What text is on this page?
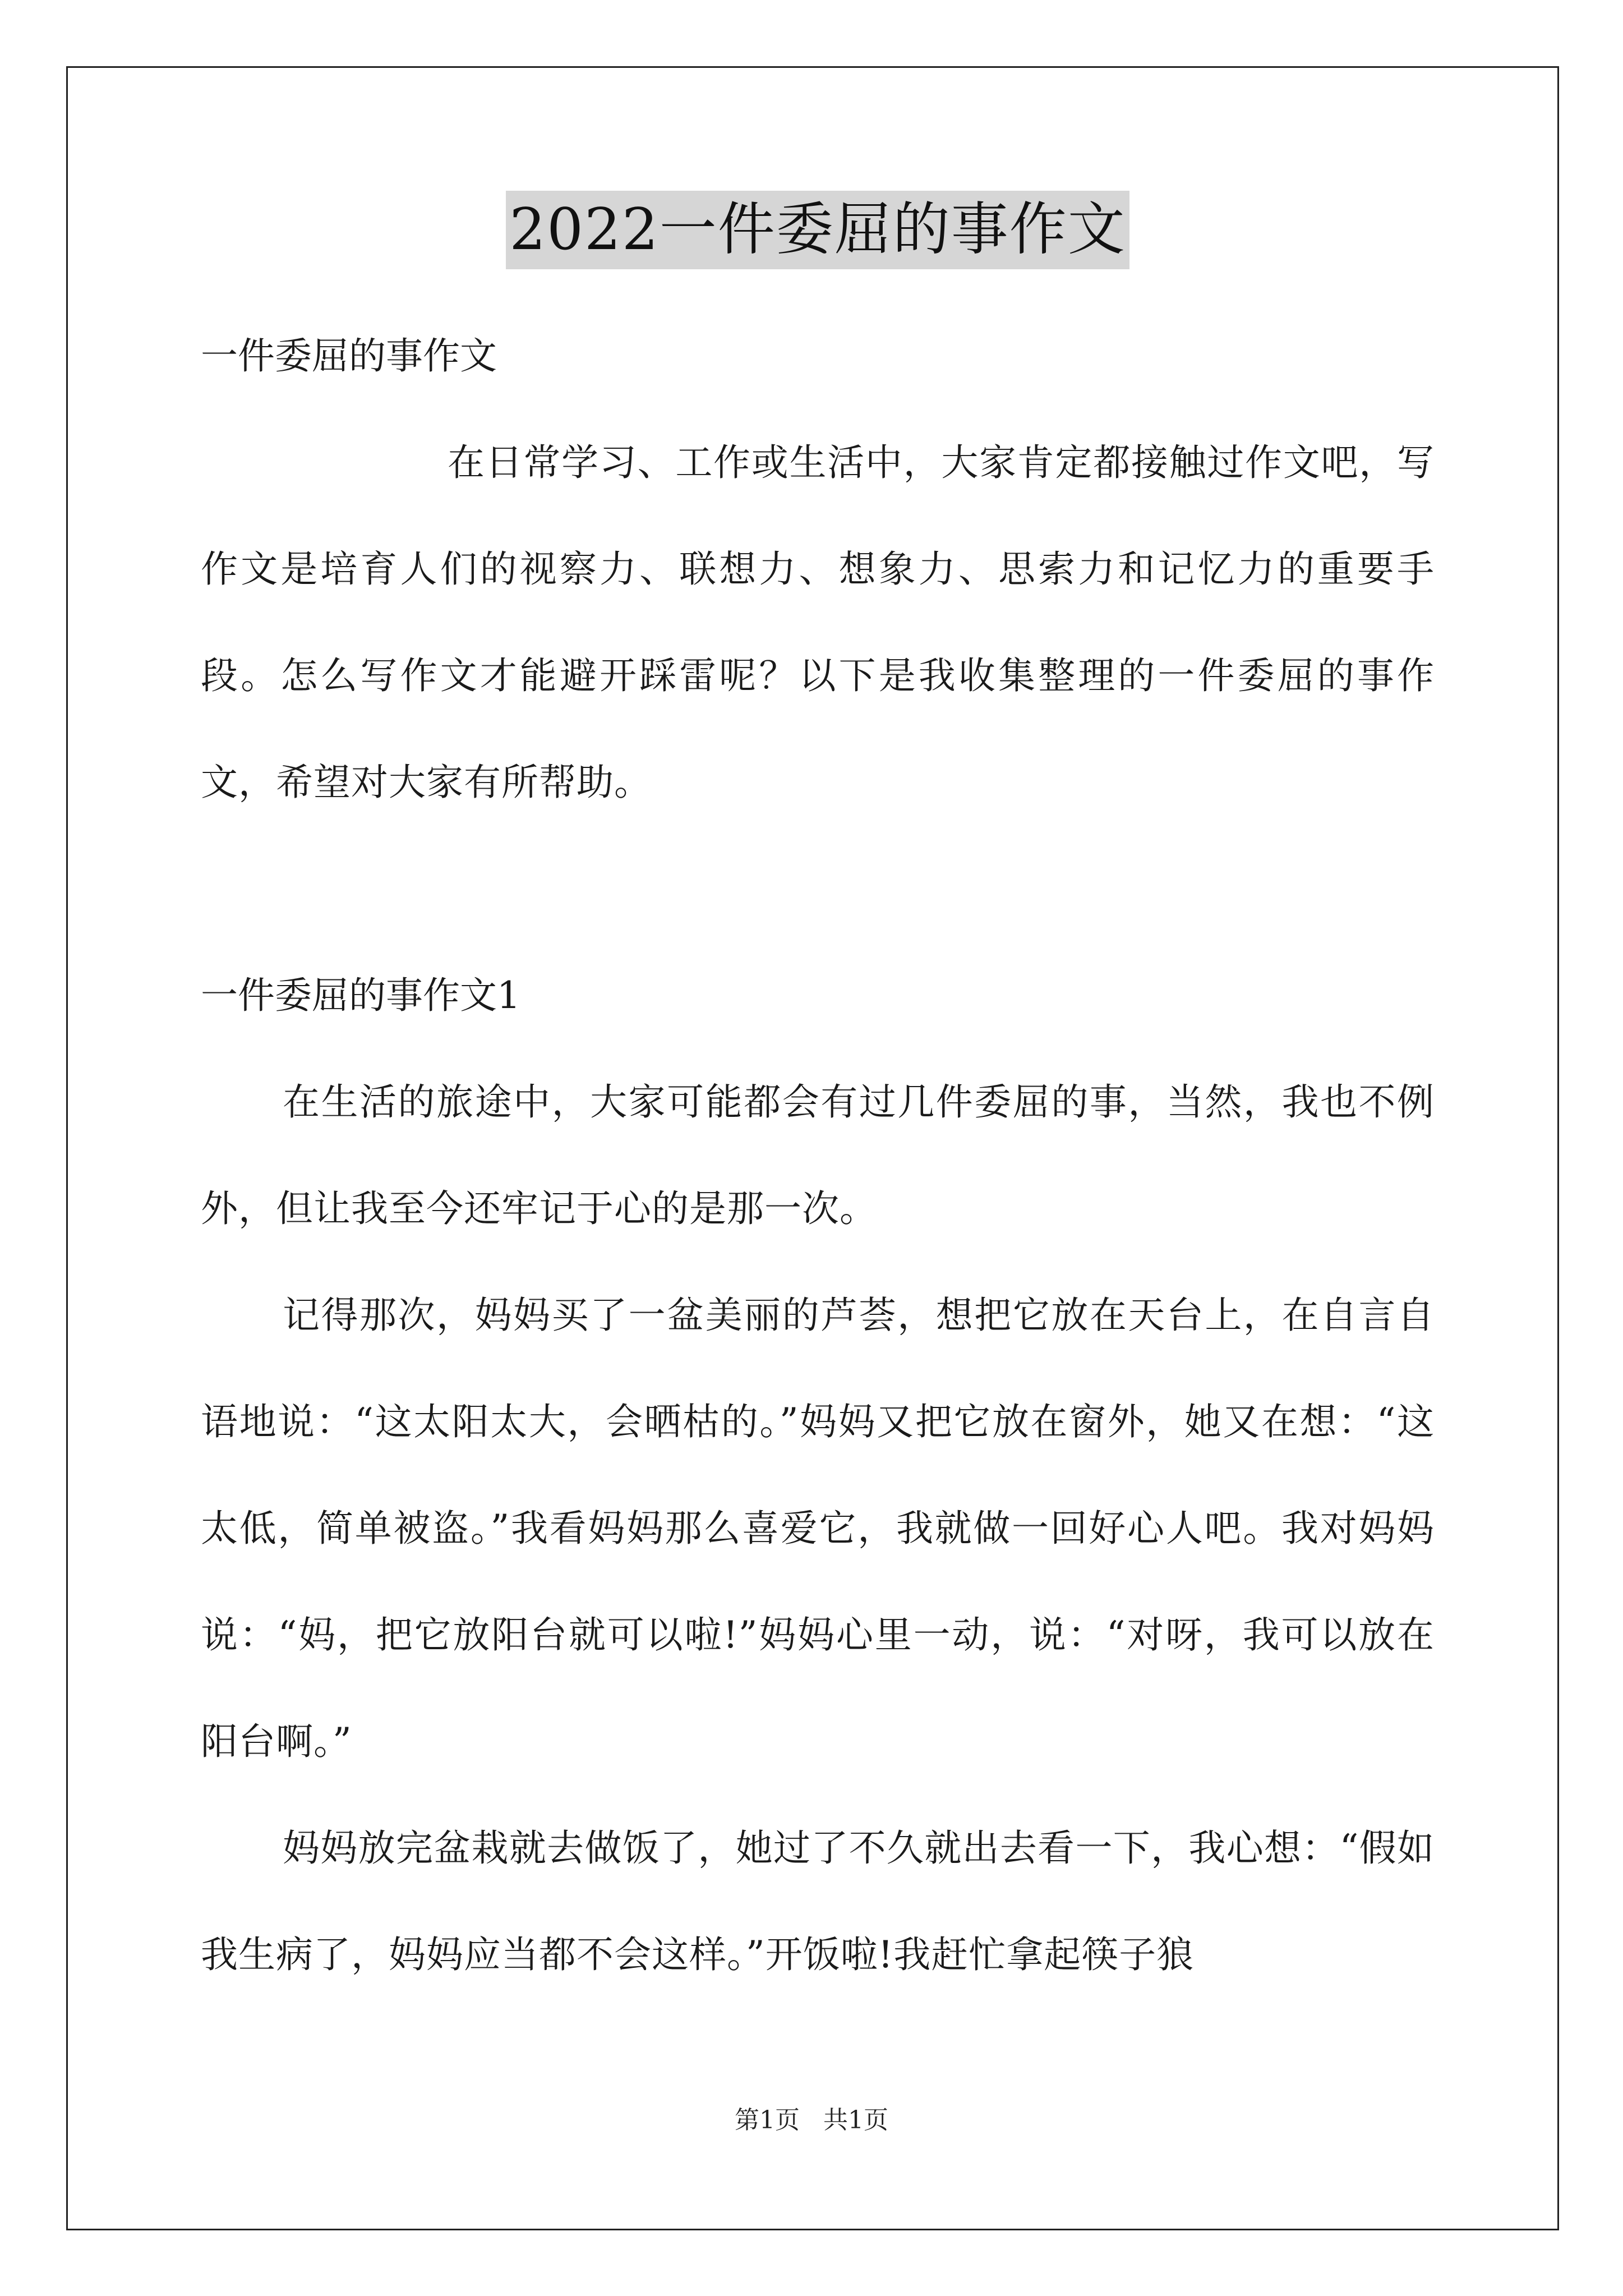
2022一件委屈的事作文

一件委屈的事作文

在日常学习、工作或生活中，大家肯定都接触过作文吧，写作文是培育人们的视察力、联想力、想象力、思索力和记忆力的重要手段。怎么写作文才能避开踩雷呢？以下是我收集整理的一件委屈的事作文，希望对大家有所帮助。

一件委屈的事作文1

在生活的旅途中，大家可能都会有过几件委屈的事，当然，我也不例外，但让我至今还牢记于心的是那一次。

记得那次，妈妈买了一盆美丽的芦荟，想把它放在天台上，在自言自语地说：“这太阳太大，会晒枯的。”妈妈又把它放在窗外，她又在想：“这太低，简单被盗。”我看妈妈那么喜爱它，我就做一回好心人吧。我对妈妈说：“妈，把它放阳台就可以啦!”妈妈心里一动，说：“对呀，我可以放在阳台啊。”

妈妈放完盆栽就去做饭了，她过了不久就出去看一下，我心想：“假如我生病了，妈妈应当都不会这样。”开饭啦!我赶忙拿起筷子狼

第1页 共1页
